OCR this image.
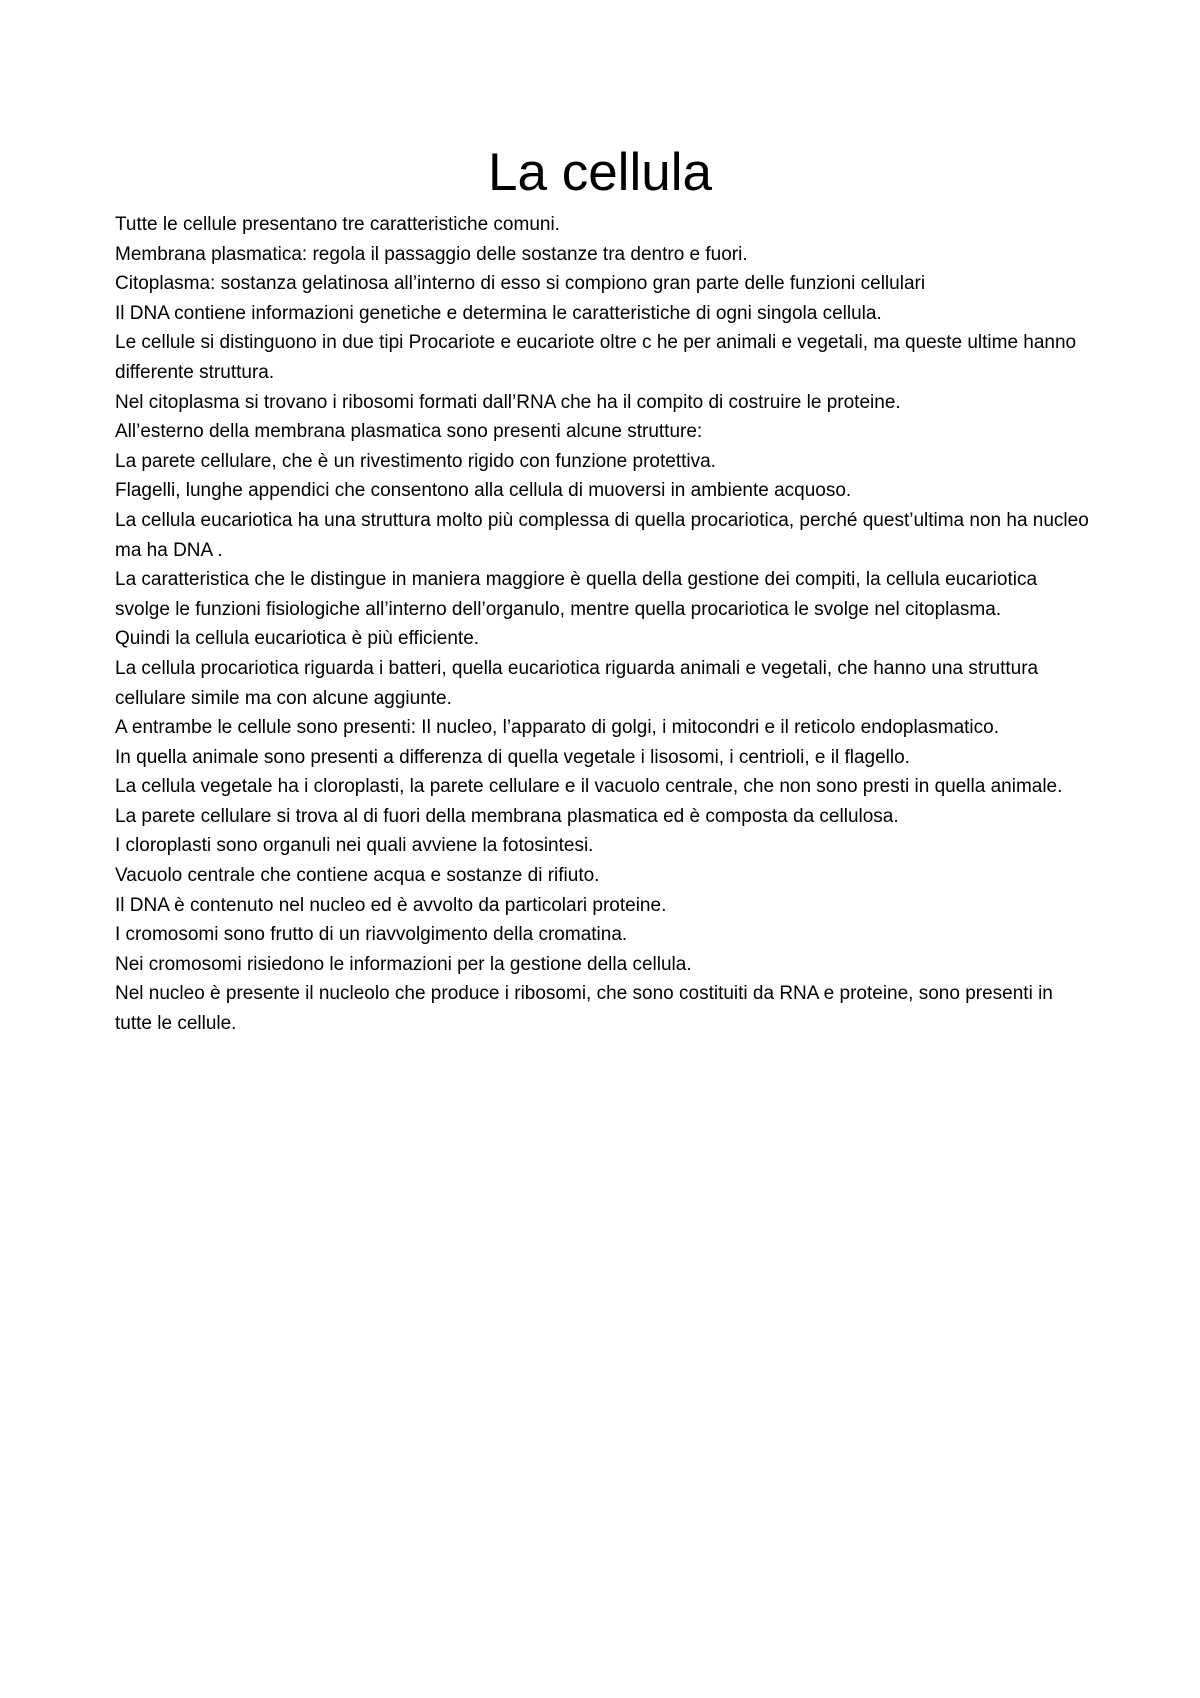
La cellula

Tutte le cellule presentano tre caratteristiche comuni.

Membrana plasmatica: regola il passaggio delle sostanze tra dentro e fuori.

Citoplasma: sostanza gelatinosa all’interno di esso si compiono gran parte delle funzioni cellulari

Il DNA contiene informazioni genetiche e determina le caratteristiche di ogni singola cellula.

Le cellule si distinguono in due tipi Procariote e eucariote oltre c he per animali e vegetali, ma queste ultime hanno differente struttura.

Nel citoplasma si trovano i ribosomi formati dall’RNA che ha il compito di costruire le proteine.

All’esterno della membrana plasmatica sono presenti alcune strutture:

La parete cellulare, che è un rivestimento rigido con funzione protettiva.

Flagelli, lunghe appendici che consentono alla cellula di muoversi in ambiente acquoso.

La cellula eucariotica ha una struttura molto più complessa di quella procariotica, perché quest’ultima non ha nucleo ma ha DNA .

La caratteristica che le distingue in maniera maggiore è quella della gestione dei compiti, la cellula eucariotica svolge le funzioni fisiologiche all’interno dell’organulo, mentre quella procariotica le svolge nel citoplasma.

Quindi la cellula eucariotica è più efficiente.

La cellula procariotica riguarda i batteri, quella eucariotica riguarda animali e vegetali, che hanno una struttura cellulare simile ma con alcune aggiunte.

A entrambe le cellule sono presenti: Il nucleo, l’apparato di golgi, i mitocondri e il reticolo endoplasmatico.

In quella animale sono presenti a differenza di quella vegetale i lisosomi, i centrioli, e il flagello.

La cellula vegetale ha i cloroplasti, la parete cellulare e il vacuolo centrale, che non sono presti in quella animale.

La parete cellulare si trova al di fuori della membrana plasmatica ed è composta da cellulosa.

I cloroplasti sono organuli nei quali avviene la fotosintesi.

Vacuolo centrale che contiene acqua e sostanze di rifiuto.

Il DNA è contenuto nel nucleo ed è avvolto da particolari proteine.

I cromosomi sono frutto di un riavvolgimento della cromatina.

Nei cromosomi risiedono le informazioni per la gestione della cellula.

Nel nucleo è presente il nucleolo che produce i ribosomi, che sono costituiti da RNA e proteine, sono presenti in tutte le cellule.
